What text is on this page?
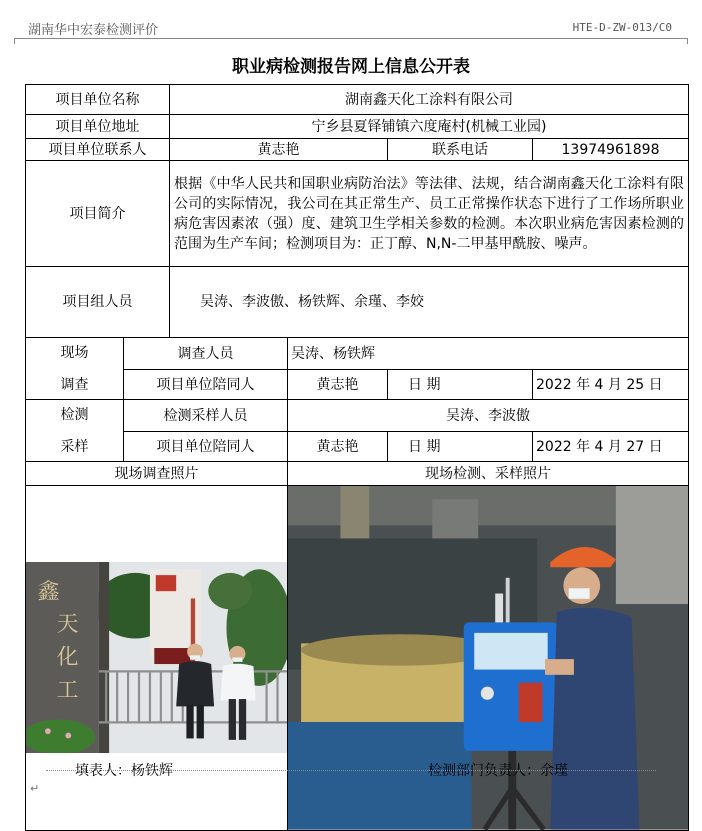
湖南华中宏泰检测评价	HTE-D-ZW-013/C0
职业病检测报告网上信息公开表
项目单位名称		湖南鑫天化工涂料有限公司			
项目单位地址		宁乡县夏铎铺镇六度庵村(机械工业园)			
项目单位联系人		黄志艳		联系电话	13974961898
项目简介		根据《中华人民共和国职业病防治法》等法律、法规，结合湖南鑫天化工涂料有限公司的实际情况，我公司在其正常生产、员工正常操作状态下进行了工作场所职业病危害因素浓（强）度、建筑卫生学相关参数的检测。本次职业病危害因素检测的范围为生产车间；检测项目为：正丁醇、N,N-二甲基甲酰胺、噪声。			
项目组人员		吴涛、李波傲、杨铁辉、余瑾、李姣			

现场
调查	调查人员		吴涛、杨铁辉		
	项目单位陪同人		黄志艳	日 期	2022 年 4 月 25 日

检测
采样	检测采样人员		吴涛、李波傲		
	项目单位陪同人		黄志艳	日 期	2022 年 4 月 27 日
现场调查照片			现场检测、采样照片		

鑫
天
化
工

填表人：杨铁辉	检测部门负责人：余瑾
↵
